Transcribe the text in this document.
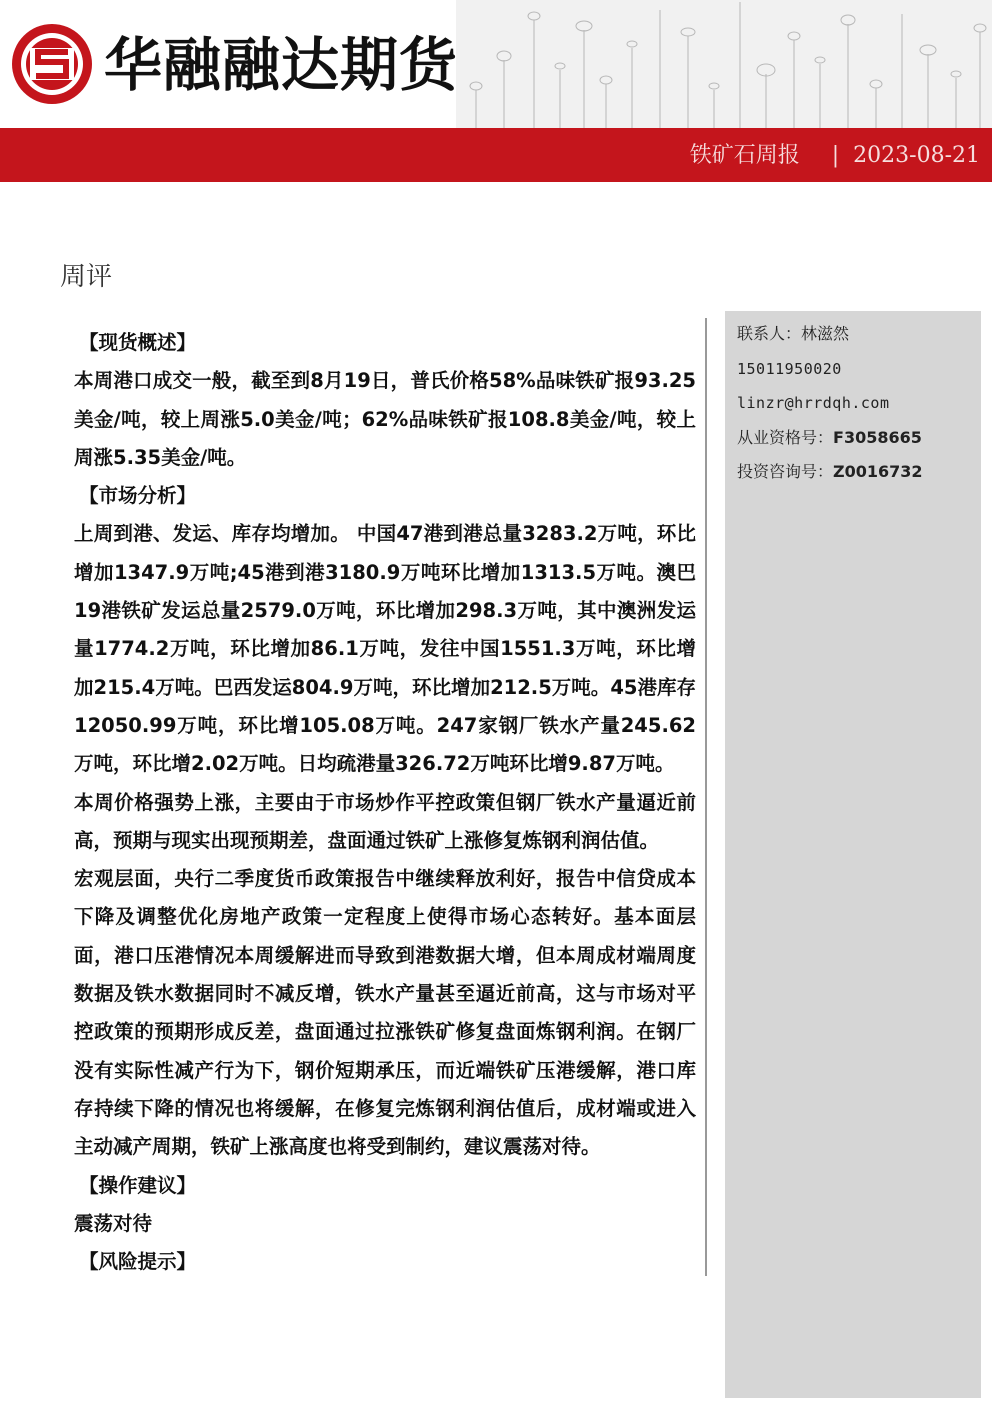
华融融达期货
铁矿石周报 | 2023-08-21
周评

【现货概述】

本周港口成交一般，截至到8月19日，普氏价格58%品味铁矿报93.25美金/吨，较上周涨5.0美金/吨；62%品味铁矿报108.8美金/吨，较上周涨5.35美金/吨。

【市场分析】

上周到港、发运、库存均增加。 中国47港到港总量3283.2万吨，环比增加1347.9万吨;45港到港3180.9万吨环比增加1313.5万吨。澳巴19港铁矿发运总量2579.0万吨，环比增加298.3万吨，其中澳洲发运量1774.2万吨，环比增加86.1万吨，发往中国1551.3万吨，环比增加215.4万吨。巴西发运804.9万吨，环比增加212.5万吨。45港库存12050.99万吨，环比增105.08万吨。247家钢厂铁水产量245.62万吨，环比增2.02万吨。日均疏港量326.72万吨环比增9.87万吨。

本周价格强势上涨，主要由于市场炒作平控政策但钢厂铁水产量逼近前高，预期与现实出现预期差，盘面通过铁矿上涨修复炼钢利润估值。

宏观层面，央行二季度货币政策报告中继续释放利好，报告中信贷成本下降及调整优化房地产政策一定程度上使得市场心态转好。基本面层面，港口压港情况本周缓解进而导致到港数据大增，但本周成材端周度数据及铁水数据同时不减反增，铁水产量甚至逼近前高，这与市场对平控政策的预期形成反差，盘面通过拉涨铁矿修复盘面炼钢利润。在钢厂没有实际性减产行为下，钢价短期承压，而近端铁矿压港缓解，港口库存持续下降的情况也将缓解，在修复完炼钢利润估值后，成材端或进入主动减产周期，铁矿上涨高度也将受到制约，建议震荡对待。

【操作建议】

震荡对待

【风险提示】

联系人：林滋然
15011950020
linzr@hrrdqh.com
从业资格号：F3058665
投资咨询号：Z0016732
